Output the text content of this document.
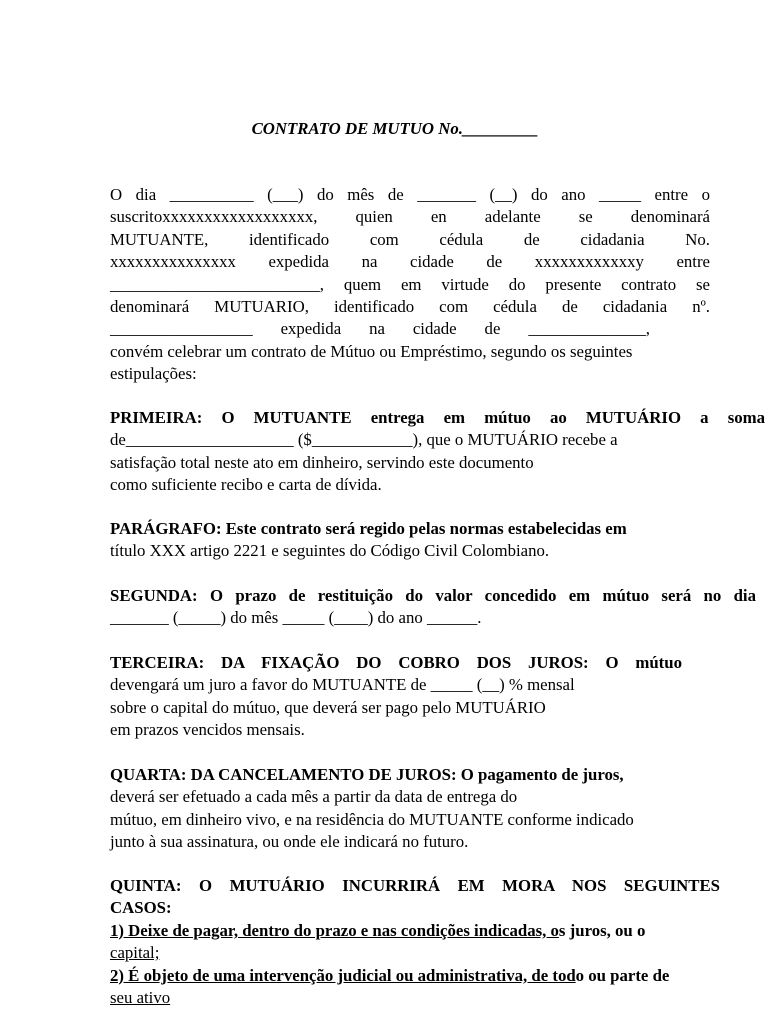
CONTRATO DE MUTUO No._________
O dia __________ (___) do mês de _______ (__) do ano _____ entre o
suscritoxxxxxxxxxxxxxxxxxx, quien en adelante se denominará
MUTUANTE, identificado com cédula de cidadania No.
xxxxxxxxxxxxxxx expedida na cidade de xxxxxxxxxxxxy entre
_________________________, quem em virtude do presente contrato se
denominará MUTUARIO, identificado com cédula de cidadania nº.
_________________ expedida na cidade de ______________,
convém celebrar um contrato de Mútuo ou Empréstimo, segundo os seguintes
estipulações:
PRIMEIRA: O MUTUANTE entrega em mútuo ao MUTUÁRIO a soma
de____________________ ($____________), que o MUTUÁRIO recebe a
satisfação total neste ato em dinheiro, servindo este documento
como suficiente recibo e carta de dívida.
PARÁGRAFO: Este contrato será regido pelas normas estabelecidas em
título XXX artigo 2221 e seguintes do Código Civil Colombiano.
SEGUNDA: O prazo de restituição do valor concedido em mútuo será no dia
_______ (_____) do mês _____ (____) do ano ______.
TERCEIRA: DA FIXAÇÃO DO COBRO DOS JUROS: O mútuo
devengará um juro a favor do MUTUANTE de _____ (__) % mensal
sobre o capital do mútuo, que deverá ser pago pelo MUTUÁRIO
em prazos vencidos mensais.
QUARTA: DA CANCELAMENTO DE JUROS: O pagamento de juros,
deverá ser efetuado a cada mês a partir da data de entrega do
mútuo, em dinheiro vivo, e na residência do MUTUANTE conforme indicado
junto à sua assinatura, ou onde ele indicará no futuro.
QUINTA: O MUTUÁRIO INCURRIRÁ EM MORA NOS SEGUINTES
CASOS:
1) Deixe de pagar, dentro do prazo e nas condições indicadas, os juros, ou o
capital;
2) É objeto de uma intervenção judicial ou administrativa, de todo ou parte de
seu ativo
